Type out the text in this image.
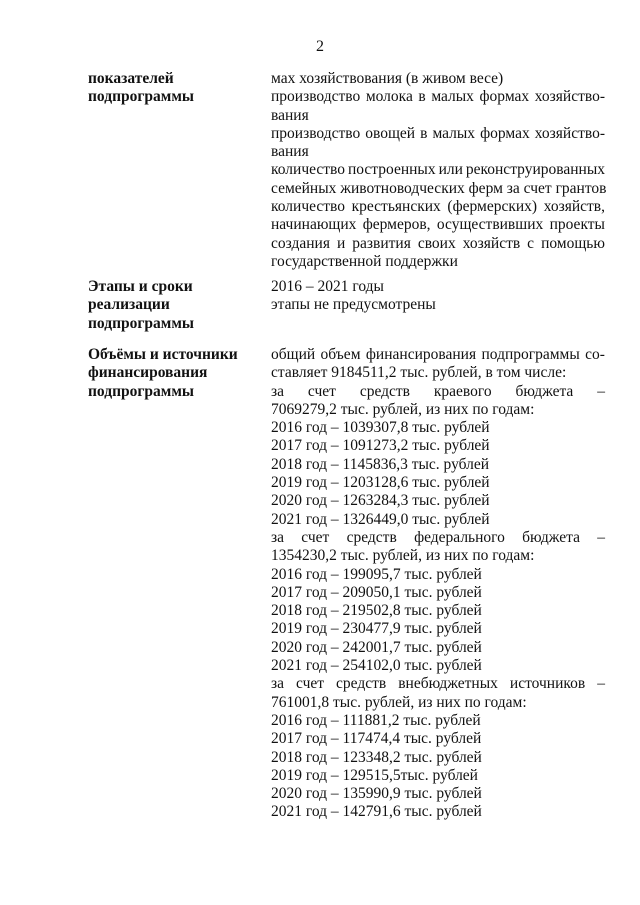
2
показателей
подпрограммы
мах хозяйствования (в живом весе)
производство молока в малых формах хозяйство-
вания
производство овощей в малых формах хозяйство-
вания
количество построенных или реконструированных
семейных животноводческих ферм за счет грантов
количество крестьянских (фермерских) хозяйств,
начинающих фермеров, осуществивших проекты
создания и развития своих хозяйств с помощью
государственной поддержки
Этапы и сроки
реализации
подпрограммы
2016 – 2021 годы
этапы не предусмотрены
Объёмы и источники
финансирования
подпрограммы
общий объем финансирования подпрограммы со-
ставляет 9184511,2 тыс. рублей, в том числе:
за счет средств краевого бюджета –
7069279,2 тыс. рублей, из них по годам:
2016 год – 1039307,8 тыс. рублей
2017 год – 1091273,2 тыс. рублей
2018 год – 1145836,3 тыс. рублей
2019 год – 1203128,6 тыс. рублей
2020 год – 1263284,3 тыс. рублей
2021 год – 1326449,0 тыс. рублей
за счет средств федерального бюджета –
1354230,2 тыс. рублей, из них по годам:
2016 год – 199095,7 тыс. рублей
2017 год – 209050,1 тыс. рублей
2018 год – 219502,8 тыс. рублей
2019 год – 230477,9 тыс. рублей
2020 год – 242001,7 тыс. рублей
2021 год – 254102,0 тыс. рублей
за счет средств внебюджетных источников –
761001,8 тыс. рублей, из них по годам:
2016 год – 111881,2 тыс. рублей
2017 год – 117474,4 тыс. рублей
2018 год – 123348,2 тыс. рублей
2019 год – 129515,5тыс. рублей
2020 год – 135990,9 тыс. рублей
2021 год – 142791,6 тыс. рублей
